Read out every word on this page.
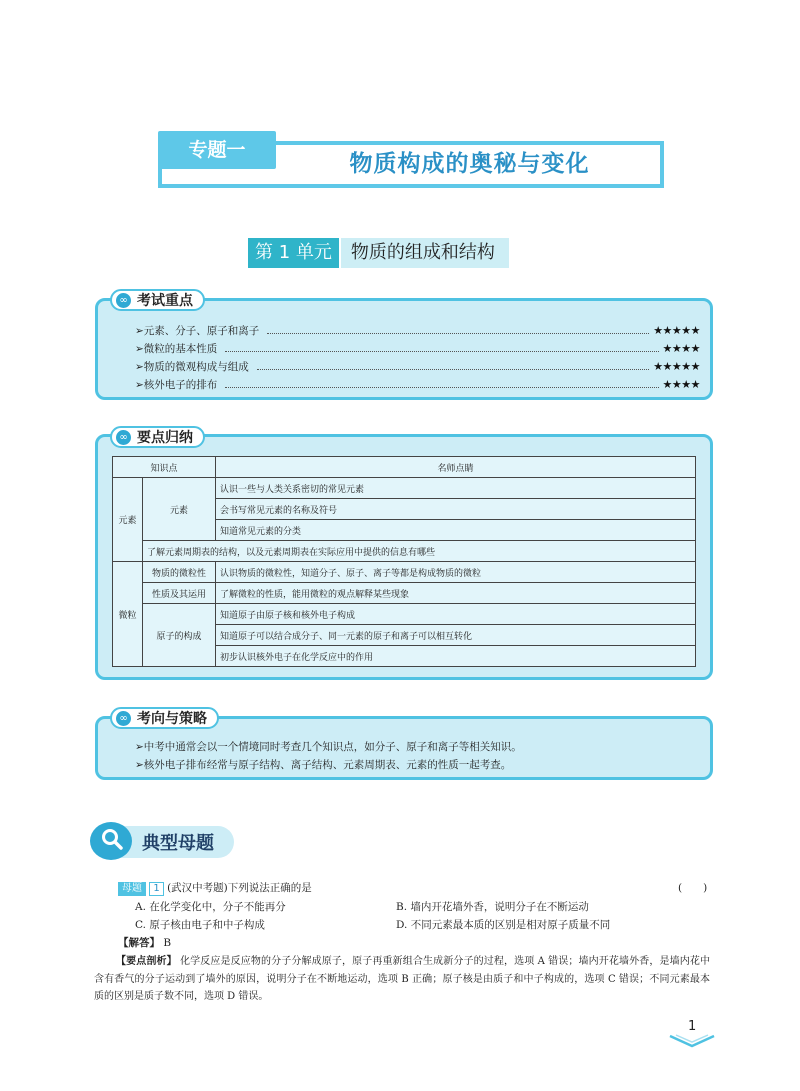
专题一
物质构成的奥秘与变化
第 1 单元	物质的组成和结构
∞ 考试重点
➢元素、分子、原子和离子	★★★★★
➢微粒的基本性质	★★★★
➢物质的微观构成与组成	★★★★★
➢核外电子的排布	★★★★
∞ 要点归纳
知识点		名师点睛
元素	元素	认识一些与人类关系密切的常见元素
		会书写常见元素的名称及符号
		知道常见元素的分类
	了解元素周期表的结构，以及元素周期表在实际应用中提供的信息有哪些	
微粒	物质的微粒性	认识物质的微粒性，知道分子、原子、离子等都是构成物质的微粒
	性质及其运用	了解微粒的性质，能用微粒的观点解释某些现象
	原子的构成	知道原子由原子核和核外电子构成
		知道原子可以结合成分子、同一元素的原子和离子可以相互转化
		初步认识核外电子在化学反应中的作用
∞ 考向与策略
➢中考中通常会以一个情境同时考查几个知识点，如分子、原子和离子等相关知识。
➢核外电子排布经常与原子结构、离子结构、元素周期表、元素的性质一起考查。
典型母题
母题 1 (武汉中考题)下列说法正确的是	(　　)
A. 在化学变化中，分子不能再分	B. 墙内开花墙外香，说明分子在不断运动
C. 原子核由电子和中子构成	D. 不同元素最本质的区别是相对原子质量不同
【解答】 B
【要点剖析】 化学反应是反应物的分子分解成原子，原子再重新组合生成新分子的过程，选项 A 错误；墙内开花墙外香，是墙内花中含有香气的分子运动到了墙外的原因，说明分子在不断地运动，选项 B 正确；原子核是由质子和中子构成的，选项 C 错误；不同元素最本质的区别是质子数不同，选项 D 错误。
1
